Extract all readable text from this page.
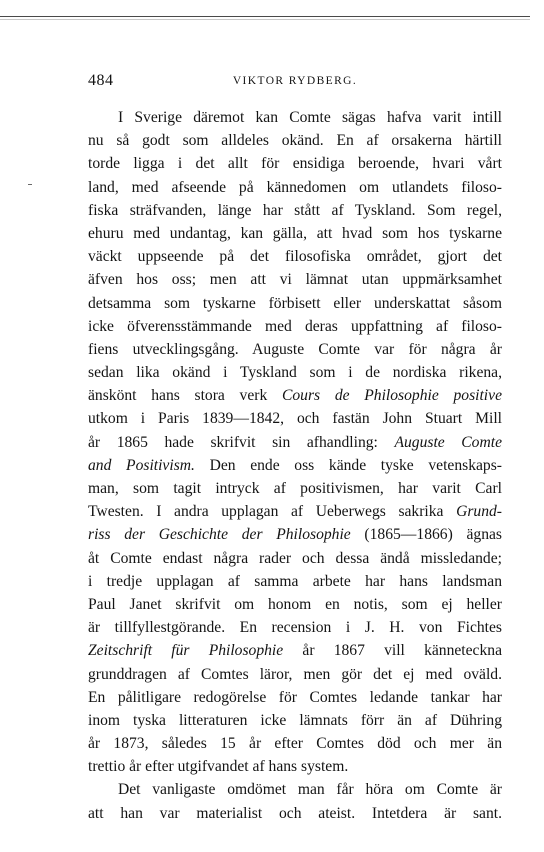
484	VIKTOR RYDBERG.
I Sverige däremot kan Comte sägas hafva varit intill
nu så godt som alldeles okänd. En af orsakerna härtill
torde ligga i det allt för ensidiga beroende, hvari vårt
land, med afseende på kännedomen om utlandets filoso-
fiska sträfvanden, länge har stått af Tyskland. Som regel,
ehuru med undantag, kan gälla, att hvad som hos tyskarne
väckt uppseende på det filosofiska området, gjort det
äfven hos oss; men att vi lämnat utan uppmärksamhet
detsamma som tyskarne förbisett eller underskattat såsom
icke öfverensstämmande med deras uppfattning af filoso-
fiens utvecklingsgång. Auguste Comte var för några år
sedan lika okänd i Tyskland som i de nordiska rikena,
änskönt hans stora verk Cours de Philosophie positive
utkom i Paris 1839—1842, och fastän John Stuart Mill
år 1865 hade skrifvit sin afhandling: Auguste Comte
and Positivism. Den ende oss kände tyske vetenskaps-
man, som tagit intryck af positivismen, har varit Carl
Twesten. I andra upplagan af Ueberwegs sakrika Grund-
riss der Geschichte der Philosophie (1865—1866) ägnas
åt Comte endast några rader och dessa ändå missledande;
i tredje upplagan af samma arbete har hans landsman
Paul Janet skrifvit om honom en notis, som ej heller
är tillfyllestgörande. En recension i J. H. von Fichtes
Zeitschrift für Philosophie år 1867 vill känneteckna
grunddragen af Comtes läror, men gör det ej med oväld.
En pålitligare redogörelse för Comtes ledande tankar har
inom tyska litteraturen icke lämnats förr än af Dühring
år 1873, således 15 år efter Comtes död och mer än
trettio år efter utgifvandet af hans system.
Det vanligaste omdömet man får höra om Comte är
att han var materialist och ateist. Intetdera är sant.
